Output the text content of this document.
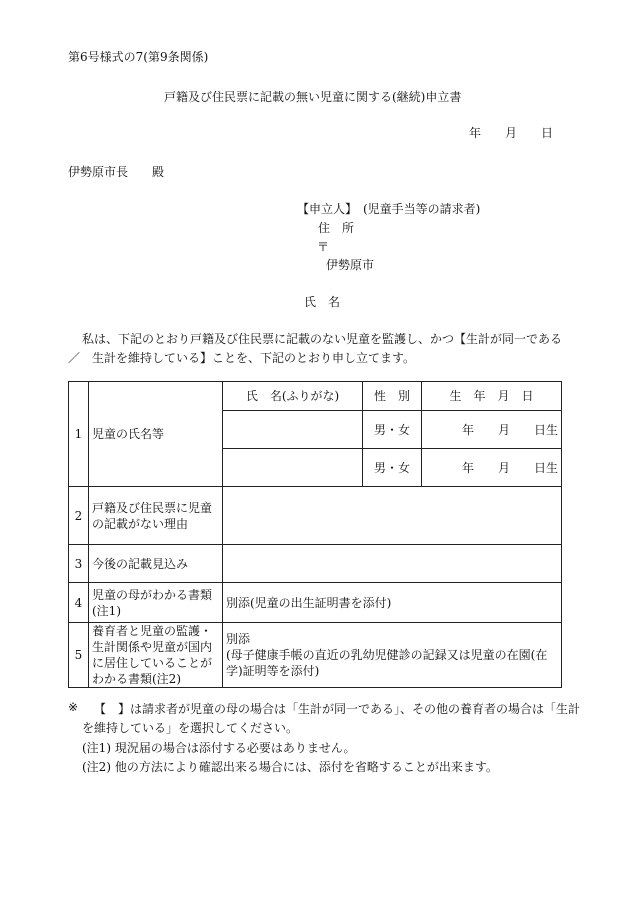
第6号様式の7(第9条関係)
戸籍及び住民票に記載の無い児童に関する(継続)申立書
年　　月　　日
伊勢原市長　　殿
【申立人】　(児童手当等の請求者)
住　所
〒
伊勢原市
氏　名
私は、下記のとおり戸籍及び住民票に記載のない児童を監護し、かつ【生計が同一である
／　生計を維持している】ことを、下記のとおり申し立てます。
1	児童の氏名等	氏　名(ふりがな)	性　別	生　年　月　日
			男・女	年　　月　　日生
			男・女	年　　月　　日生
2	戸籍及び住民票に児童の記載がない理由			
3	今後の記載見込み			
4	児童の母がわかる書類(注1)	別添(児童の出生証明書を添付)		
5	養育者と児童の監護・生計関係や児童が国内に居住していることがわかる書類(注2)	別添
(母子健康手帳の直近の乳幼児健診の記録又は児童の在園(在学)証明等を添付)		
※ 【　】は請求者が児童の母の場合は「生計が同一である」、その他の養育者の場合は「生計
を維持している」を選択してください。
(注1) 現況届の場合は添付する必要はありません。
(注2) 他の方法により確認出来る場合には、添付を省略することが出来ます。
